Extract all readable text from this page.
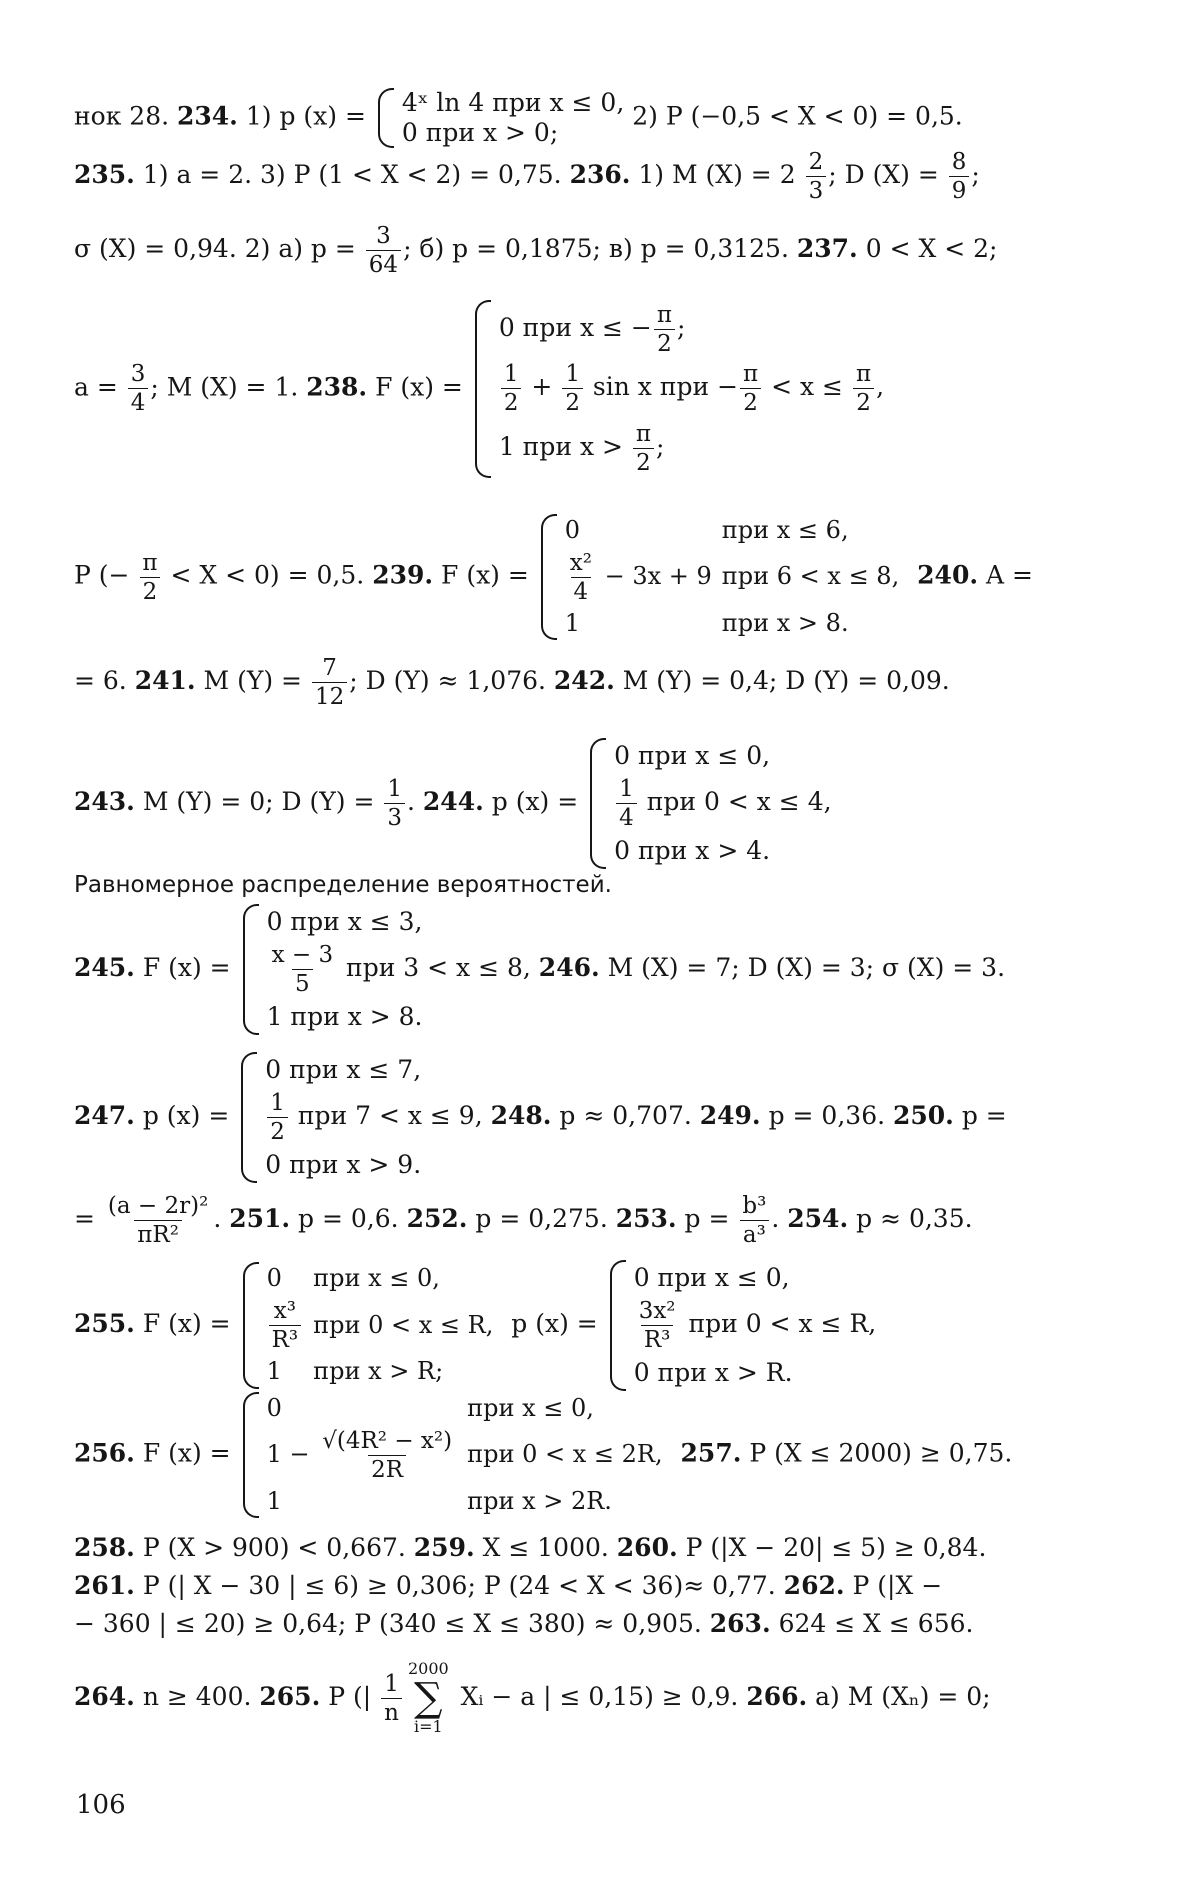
нок 28. 234. 1) p (x) = 4ˣ ln 4 при x ≤ 0,
0 при x > 0;
2) P (−0,5 < X < 0) = 0,5.
235. 1) a = 2. 3) P (1 < X < 2) = 0,75. 236. 1) M $(X) = 2 \frac{2}{3}$ ; D $(X) = \frac{8}{9}$ ;
σ (X) = 0,94. 2) а) $p = \frac{3}{64}$ ; б) p = 0,1875; в) p = 0,3125. 237. 0 < X < 2;
$a = \frac{3}{4}$ ; M (X) = 1. 238. F (x) =
0 при x ≤ − $\frac{\pi}{2}$ ;
$\frac{1}{2} + \frac{1}{2}$ sin x при − $\frac{\pi}{2} < x \le \frac{\pi}{2}$ ,
1 при $x > \frac{\pi}{2}$ ;
P (− $\frac{\pi}{2} < X < 0) = 0,5$. 239. F (x) =
0	при x ≤ 6,

$\frac{\text{x²}}{4} - 3x + 9$	при 6 < x ≤ 8,
1	при x > 8.
240. A =
= 6. 241. M $(Y) = \frac{7}{12}$ ; D (Y) ≈ 1,076. 242. M (Y) = 0,4; D (Y) = 0,09.
243. M (Y) = 0; D $(Y) = \frac{1}{3}$ . 244. p (x) =
0 при x ≤ 0,
$\frac{1}{4}$ при 0 < x ≤ 4,
0 при x > 4.
Равномерное распределение вероятностей.
245. F (x) =
0 при x ≤ 3,
$\frac{x - 3}{5}$ при 3 < x ≤ 8,
1 при x > 8.
246. M (X) = 7; D (X) = 3; σ (X) = 3.
247. p (x) =
0 при x ≤ 7,
$\frac{1}{2}$ при 7 < x ≤ 9,
0 при x > 9.
248. p ≈ 0,707. 249. p = 0,36. 250. p =
= $\frac{\text{(a − 2r)²}}{\text{πR²}}$ . 251. p = 0,6. 252. p = 0,275. 253. $p = \frac{\text{b³}}{\text{a³}}$ . 254. p ≈ 0,35.
255. F (x) =
0	при x ≤ 0,

$\frac{\text{x³}}{\text{R³}}$	при 0 < x ≤ R,
1	при x > R;
p (x) =
0 при x ≤ 0,
$\frac{\text{3x²}}{\text{R³}}$ при 0 < x ≤ R,
0 при x > R.
256. F (x) =
0	при x ≤ 0,
$1 - \frac{\text{√(4R² − x²)}}{2R}$	при 0 < x ≤ 2R,
1	при x > 2R.
257. P (X ≤ 2000) ≥ 0,75.
258. P (X > 900) < 0,667. 259. X ≤ 1000. 260. P (|X − 20| ≤ 5) ≥ 0,84.
261. P (| X − 30 | ≤ 6) ≥ 0,306; P (24 < X < 36)≈ 0,77. 262. P (|X −
− 360 | ≤ 20) ≥ 0,64; P (340 ≤ X ≤ 380) ≈ 0,905. 263. 624 ≤ X ≤ 656.
264. n ≥ 400. 265. P (| $\frac{1}{n}$
2000
∑
i=1
Xᵢ − a | ≤ 0,15) ≥ 0,9. 266. а) M (Xₙ) = 0;
106
